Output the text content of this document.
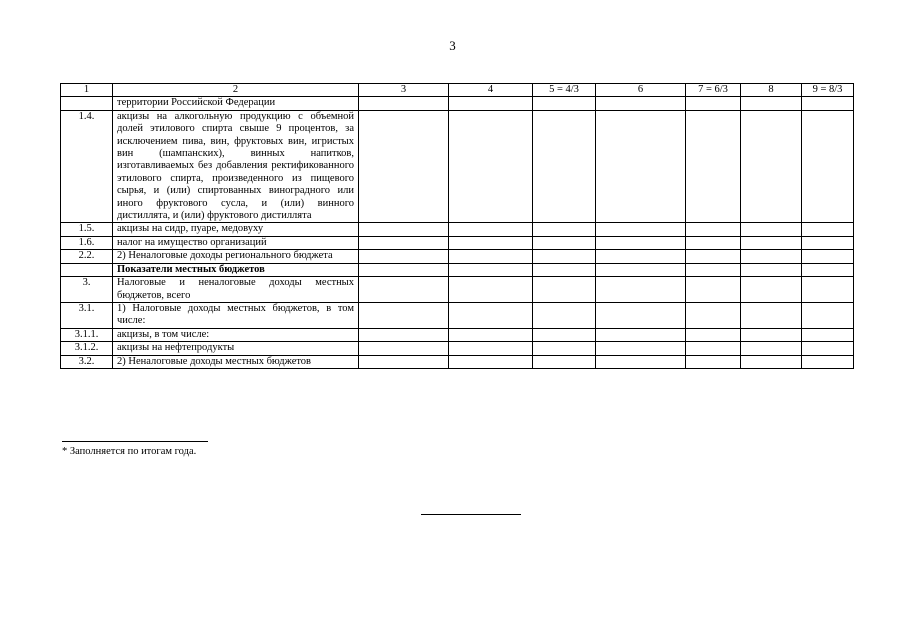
3
1	2	3	4	5 = 4/3	6	7 = 6/3	8	9 = 8/3
	территории Российской Федерации							
1.4.	акцизы на алкогольную продукцию с объемной долей этилового спирта свыше 9 процентов, за исключением пива, вин, фруктовых вин, игристых вин (шампанских), винных напитков, изготавливаемых без добавления ректификованного этилового спирта, произведенного из пищевого сырья, и (или) спиртованных виноградного или иного фруктового сусла, и (или) винного дистиллята, и (или) фруктового дистиллята							
1.5.	акцизы на сидр, пуаре, медовуху							
1.6.	налог на имущество организаций							
2.2.	2) Неналоговые доходы регионального бюджета							
	Показатели местных бюджетов							
3.	Налоговые и неналоговые доходы местных бюджетов, всего							
3.1.	1) Налоговые доходы местных бюджетов, в том числе:							
3.1.1.	акцизы, в том числе:							
3.1.2.	акцизы на нефтепродукты							
3.2.	2) Неналоговые доходы местных бюджетов							
* Заполняется по итогам года.
